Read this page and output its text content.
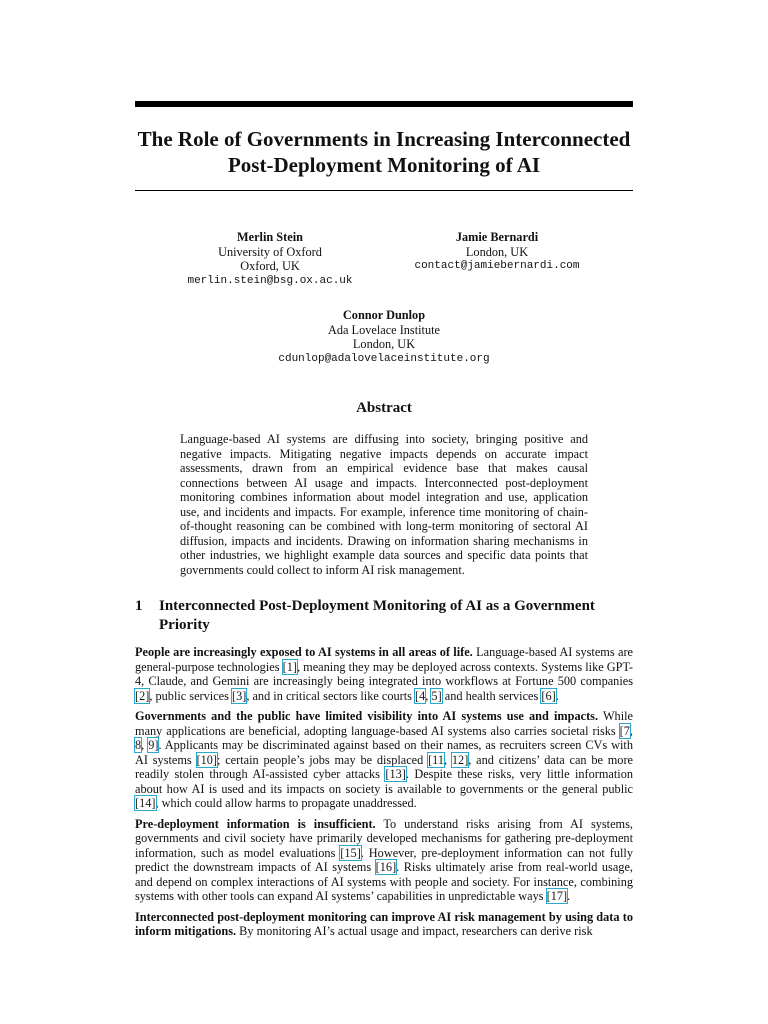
The Role of Governments in Increasing Interconnected
Post-Deployment Monitoring of AI
Merlin Stein
University of Oxford
Oxford, UK
merlin.stein@bsg.ox.ac.uk
Jamie Bernardi
London, UK
contact@jamiebernardi.com
Connor Dunlop
Ada Lovelace Institute
London, UK
cdunlop@adalovelaceinstitute.org
Abstract
Language-based AI systems are diffusing into society, bringing positive and negative impacts. Mitigating negative impacts depends on accurate impact assessments, drawn from an empirical evidence base that makes causal connections between AI usage and impacts. Interconnected post-deployment monitoring combines information about model integration and use, application use, and incidents and impacts. For example, inference time monitoring of chain-of-thought reasoning can be combined with long-term monitoring of sectoral AI diffusion, impacts and incidents. Drawing on information sharing mechanisms in other industries, we highlight example data sources and specific data points that governments could collect to inform AI risk management.
1 Interconnected Post-Deployment Monitoring of AI as a Government Priority

People are increasingly exposed to AI systems in all areas of life. Language-based AI systems are general-purpose technologies [1], meaning they may be deployed across contexts. Systems like GPT-4, Claude, and Gemini are increasingly being integrated into workflows at Fortune 500 companies [2], public services [3], and in critical sectors like courts [4, 5] and health services [6].

Governments and the public have limited visibility into AI systems use and impacts. While many applications are beneficial, adopting language-based AI systems also carries societal risks [7, 8, 9]. Applicants may be discriminated against based on their names, as recruiters screen CVs with AI systems [10]; certain people’s jobs may be displaced [11, 12], and citizens’ data can be more readily stolen through AI-assisted cyber attacks [13]. Despite these risks, very little information about how AI is used and its impacts on society is available to governments or the general public [14], which could allow harms to propagate unaddressed.

Pre-deployment information is insufficient. To understand risks arising from AI systems, governments and civil society have primarily developed mechanisms for gathering pre-deployment information, such as model evaluations [15]. However, pre-deployment information can not fully predict the downstream impacts of AI systems [16]. Risks ultimately arise from real-world usage, and depend on complex interactions of AI systems with people and society. For instance, combining systems with other tools can expand AI systems’ capabilities in unpredictable ways [17].

Interconnected post-deployment monitoring can improve AI risk management by using data to inform mitigations. By monitoring AI’s actual usage and impact, researchers can derive risk
